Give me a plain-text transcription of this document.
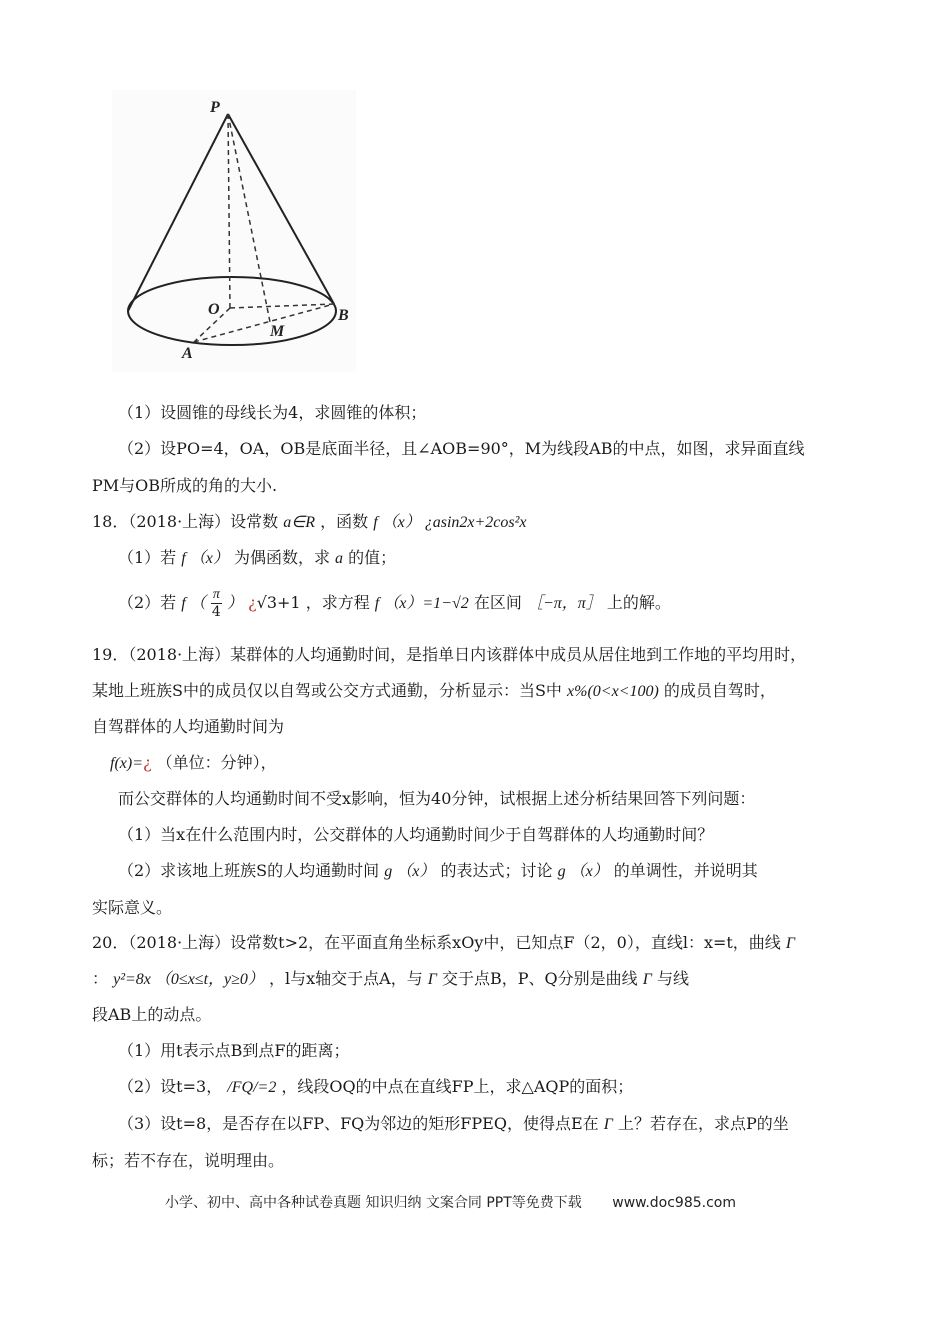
P
O	B
M
A
（1）设圆锥的母线长为4，求圆锥的体积；
（2）设PO=4，OA，OB是底面半径，且∠AOB=90°，M为线段AB的中点，如图，求异面直线
PM与OB所成的角的大小.
18．（2018·上海）设常数 a∈R ，函数 f （x） ¿asin2x+2cos²x
（1）若 f （x） 为偶函数，求 a 的值；
（2）若 f （ $\frac{\pi}{4}$ ） ¿√3+1 ，求方程 f （x）=1−√2 在区间 ［−π，π］ 上的解。
19．（2018·上海）某群体的人均通勤时间，是指单日内该群体中成员从居住地到工作地的平均用时，
某地上班族S中的成员仅以自驾或公交方式通勤，分析显示：当S中 x%(0<x<100) 的成员自驾时，
自驾群体的人均通勤时间为
f(x)=¿ （单位：分钟），
而公交群体的人均通勤时间不受x影响，恒为40分钟，试根据上述分析结果回答下列问题：
（1）当x在什么范围内时，公交群体的人均通勤时间少于自驾群体的人均通勤时间？
（2）求该地上班族S的人均通勤时间 g （x） 的表达式；讨论 g （x） 的单调性，并说明其
实际意义。
20．（2018·上海）设常数t>2，在平面直角坐标系xOy中，已知点F（2，0），直线l：x=t，曲线 Γ
： y²=8x （0≤x≤t，y≥0） ，l与x轴交于点A，与 Γ 交于点B，P、Q分别是曲线 Γ 与线
段AB上的动点。
（1）用t表示点B到点F的距离；
（2）设t=3， /FQ/=2 ，线段OQ的中点在直线FP上，求△AQP的面积；
（3）设t=8，是否存在以FP、FQ为邻边的矩形FPEQ，使得点E在 Γ 上？若存在，求点P的坐
标；若不存在，说明理由。
小学、初中、高中各种试卷真题 知识归纳 文案合同 PPT等免费下载 www.doc985.com
